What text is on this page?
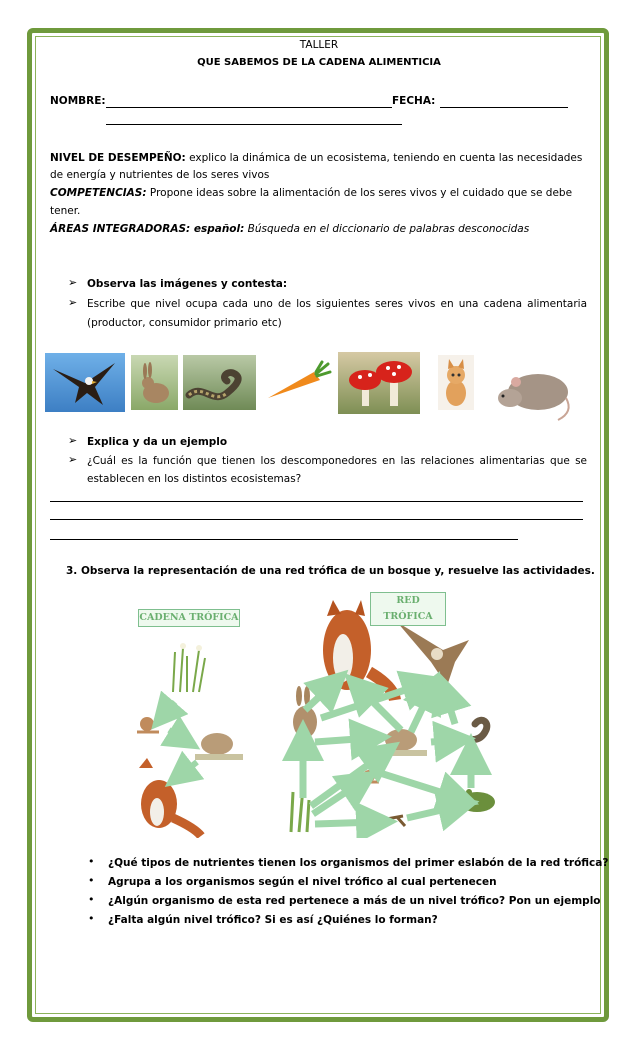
TALLER
QUE SABEMOS DE LA CADENA ALIMENTICIA
NOMBRE:	FECHA:
NIVEL DE DESEMPEÑO: explico la dinámica de un ecosistema, teniendo en cuenta las necesidades
de energía y nutrientes de los seres vivos
COMPETENCIAS: Propone ideas sobre la alimentación de los seres vivos y el cuidado que se debe
tener.
ÁREAS INTEGRADORAS: español: Búsqueda en el diccionario de palabras desconocidas
➢ Observa las imágenes y contesta:
➢ Escribe que nivel ocupa cada uno de los siguientes seres vivos en una cadena alimentaria
(productor, consumidor primario etc)
➢ Explica y da un ejemplo
➢ ¿Cuál es la función que tienen los descomponedores en las relaciones alimentarias que se
establecen en los distintos ecosistemas?
3. Observa la representación de una red trófica de un bosque y, resuelve las actividades.
CADENA TRÓFICA
RED TRÓFICA
• ¿Qué tipos de nutrientes tienen los organismos del primer eslabón de la red trófica?
• Agrupa a los organismos según el nivel trófico al cual pertenecen
• ¿Algún organismo de esta red pertenece a más de un nivel trófico? Pon un ejemplo
• ¿Falta algún nivel trófico? Si es así ¿Quiénes lo forman?
